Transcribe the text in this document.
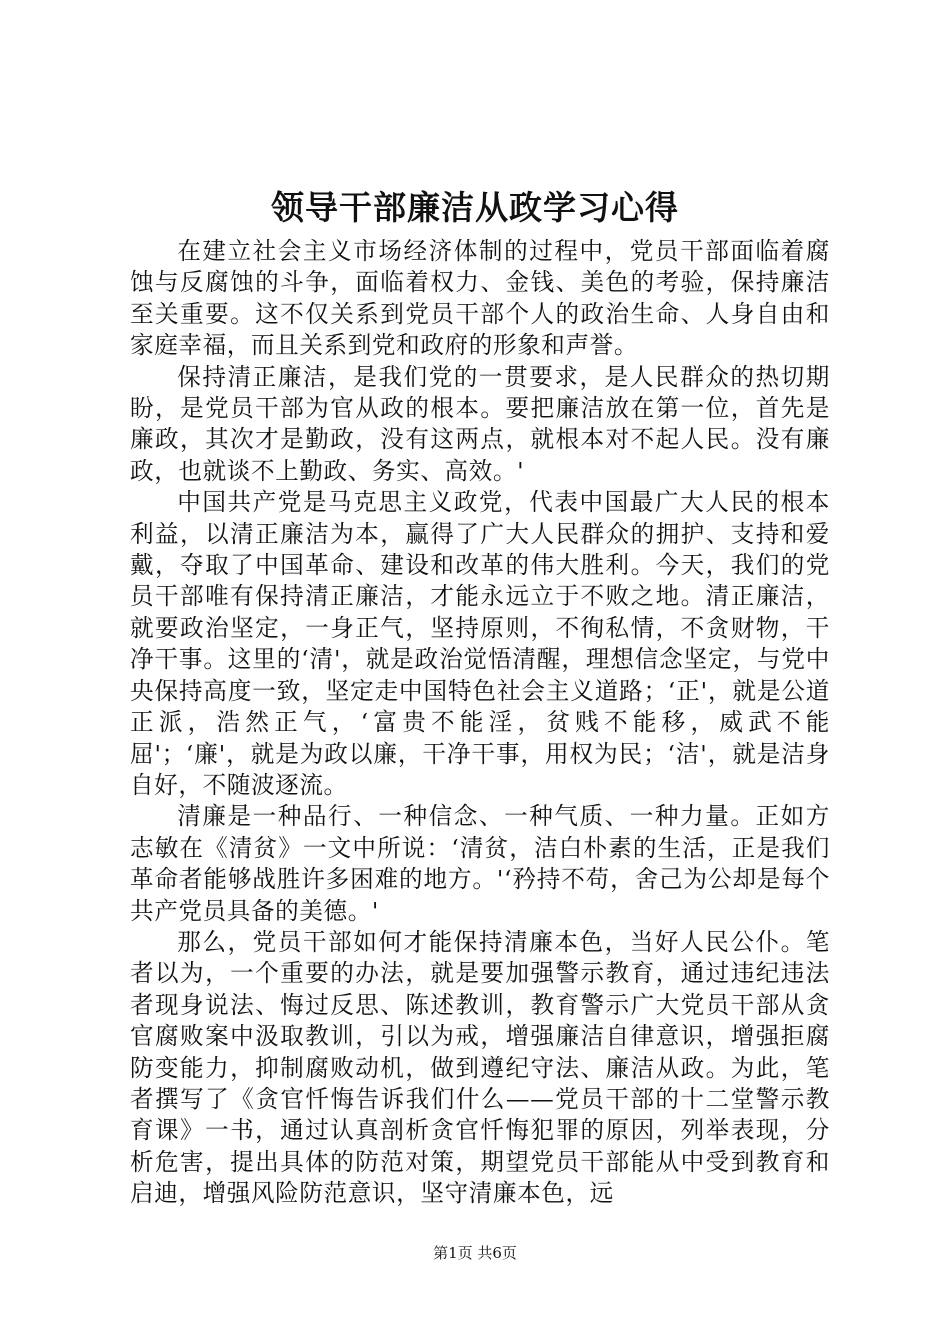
领导干部廉洁从政学习心得

在建立社会主义市场经济体制的过程中，党员干部面临着腐蚀与反腐蚀的斗争，面临着权力、金钱、美色的考验，保持廉洁至关重要。这不仅关系到党员干部个人的政治生命、人身自由和家庭幸福，而且关系到党和政府的形象和声誉。

保持清正廉洁，是我们党的一贯要求，是人民群众的热切期盼，是党员干部为官从政的根本。要把廉洁放在第一位，首先是廉政，其次才是勤政，没有这两点，就根本对不起人民。没有廉政，也就谈不上勤政、务实、高效。'

中国共产党是马克思主义政党，代表中国最广大人民的根本利益，以清正廉洁为本，赢得了广大人民群众的拥护、支持和爱戴，夺取了中国革命、建设和改革的伟大胜利。今天，我们的党员干部唯有保持清正廉洁，才能永远立于不败之地。清正廉洁，就要政治坚定，一身正气，坚持原则，不徇私情，不贪财物，干净干事。这里的‘清'，就是政治觉悟清醒，理想信念坚定，与党中央保持高度一致，坚定走中国特色社会主义道路；‘正'，就是公道正派，浩然正气，‘富贵不能淫，贫贱不能移，威武不能屈'；‘廉'，就是为政以廉，干净干事，用权为民；‘洁'，就是洁身自好，不随波逐流。

清廉是一种品行、一种信念、一种气质、一种力量。正如方志敏在《清贫》一文中所说：‘清贫，洁白朴素的生活，正是我们革命者能够战胜许多困难的地方。'‘矜持不苟，舍己为公却是每个共产党员具备的美德。'

那么，党员干部如何才能保持清廉本色，当好人民公仆。笔者以为，一个重要的办法，就是要加强警示教育，通过违纪违法者现身说法、悔过反思、陈述教训，教育警示广大党员干部从贪官腐败案中汲取教训，引以为戒，增强廉洁自律意识，增强拒腐防变能力，抑制腐败动机，做到遵纪守法、廉洁从政。为此，笔者撰写了《贪官忏悔告诉我们什么——党员干部的十二堂警示教育课》一书，通过认真剖析贪官忏悔犯罪的原因，列举表现，分析危害，提出具体的防范对策，期望党员干部能从中受到教育和启迪，增强风险防范意识，坚守清廉本色，远

第1页 共6页
